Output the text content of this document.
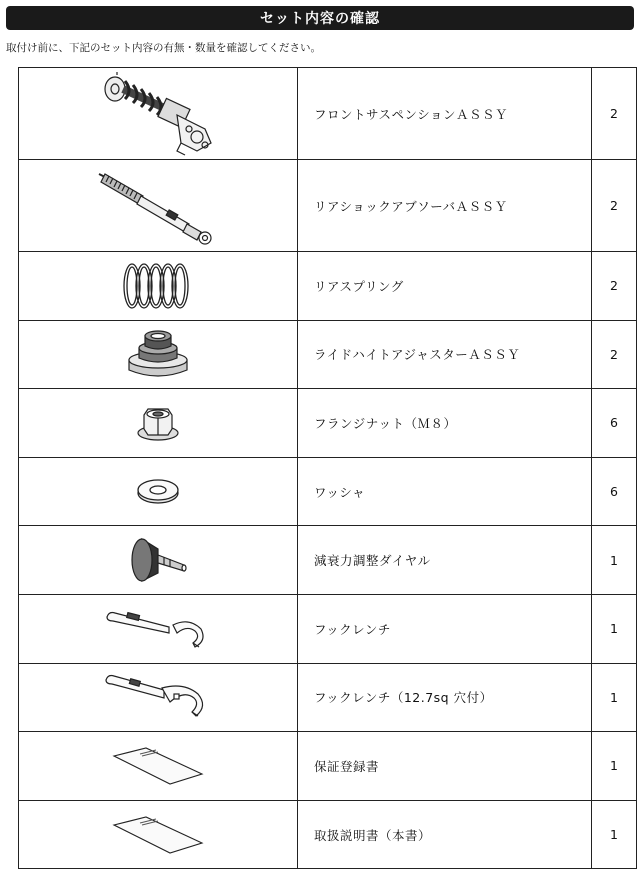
セット内容の確認
取付け前に、下記のセット内容の有無・数量を確認してください。
	フロントサスペンションＡＳＳＹ	2

	リアショックアブソーバＡＳＳＹ	2

	リアスプリング	2

	ライドハイトアジャスターＡＳＳＹ	2

	フランジナット（Ｍ８）	6

	ワッシャ	6

	減衰力調整ダイヤル	1

	フックレンチ	1

	フックレンチ（12.7sq 穴付）	1

	保証登録書	1

	取扱説明書（本書）	1
